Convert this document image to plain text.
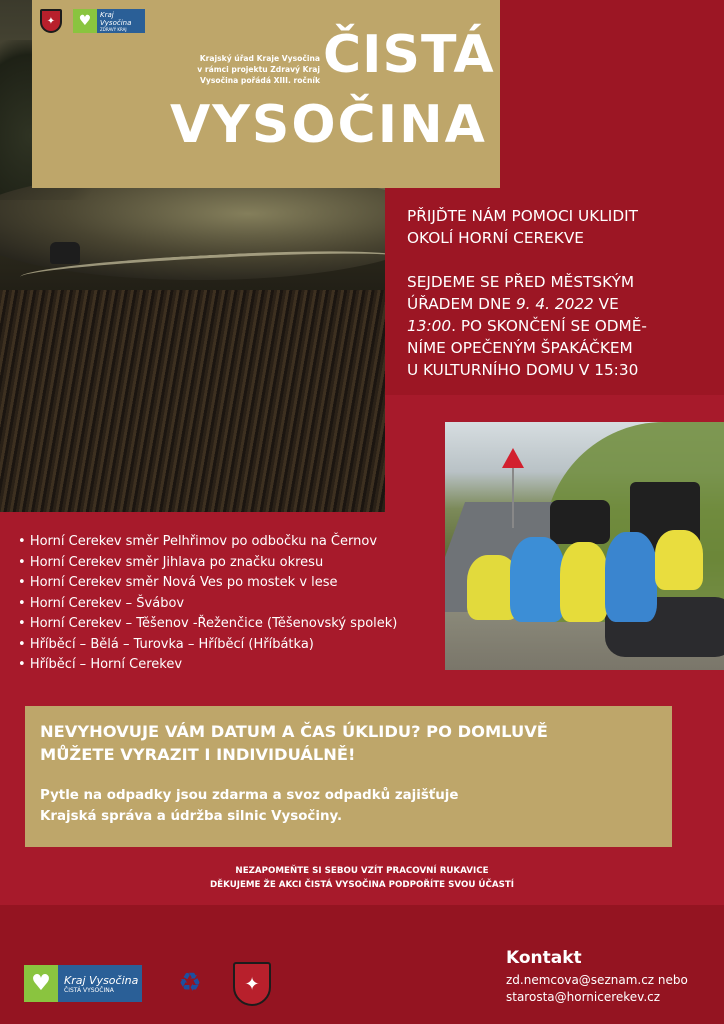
Krajský úřad Kraje Vysočina
v rámci projektu Zdravý Kraj
Vysočina pořádá XIII. ročník ČISTÁ
VYSOČINA
✦	♥	Kraj Vysočina
ZDRAVÝ KRAJ

PŘIJĎTE NÁM POMOCI UKLIDIT
OKOLÍ HORNÍ CEREKVE

SEJDEME SE PŘED MĚSTSKÝM
ÚŘADEM DNE 9. 4. 2022 VE
13:00. PO SKONČENÍ SE ODMĚ-
NÍME OPEČENÝM ŠPAKÁČKEM
U KULTURNÍHO DOMU V 15:30

• Horní Cerekev směr Pelhřimov po odbočku na Černov
• Horní Cerekev směr Jihlava po značku okresu
• Horní Cerekev směr Nová Ves po mostek v lese
• Horní Cerekev – Švábov
• Horní Cerekev – Těšenov -Řeženčice (Těšenovský spolek)
• Hříběcí – Bělá – Turovka – Hříběcí (Hříbátka)
• Hříběcí – Horní Cerekev
NEVYHOVUJE VÁM DATUM A ČAS ÚKLIDU? PO DOMLUVĚ
MŮŽETE VYRAZIT I INDIVIDUÁLNĚ!
Pytle na odpadky jsou zdarma a svoz odpadků zajišťuje
Krajská správa a údržba silnic Vysočiny.
NEZAPOMEŇTE SI SEBOU VZÍT PRACOVNÍ RUKAVICE
DĚKUJEME ŽE AKCI ČISTÁ VYSOČINA PODPOŘÍTE SVOU ÚČASTÍ
♥	Kraj Vysočina
ČISTÁ VYSOČINA	♻	✦
Kontakt
zd.nemcova@seznam.cz nebo
starosta@hornicerekev.cz
